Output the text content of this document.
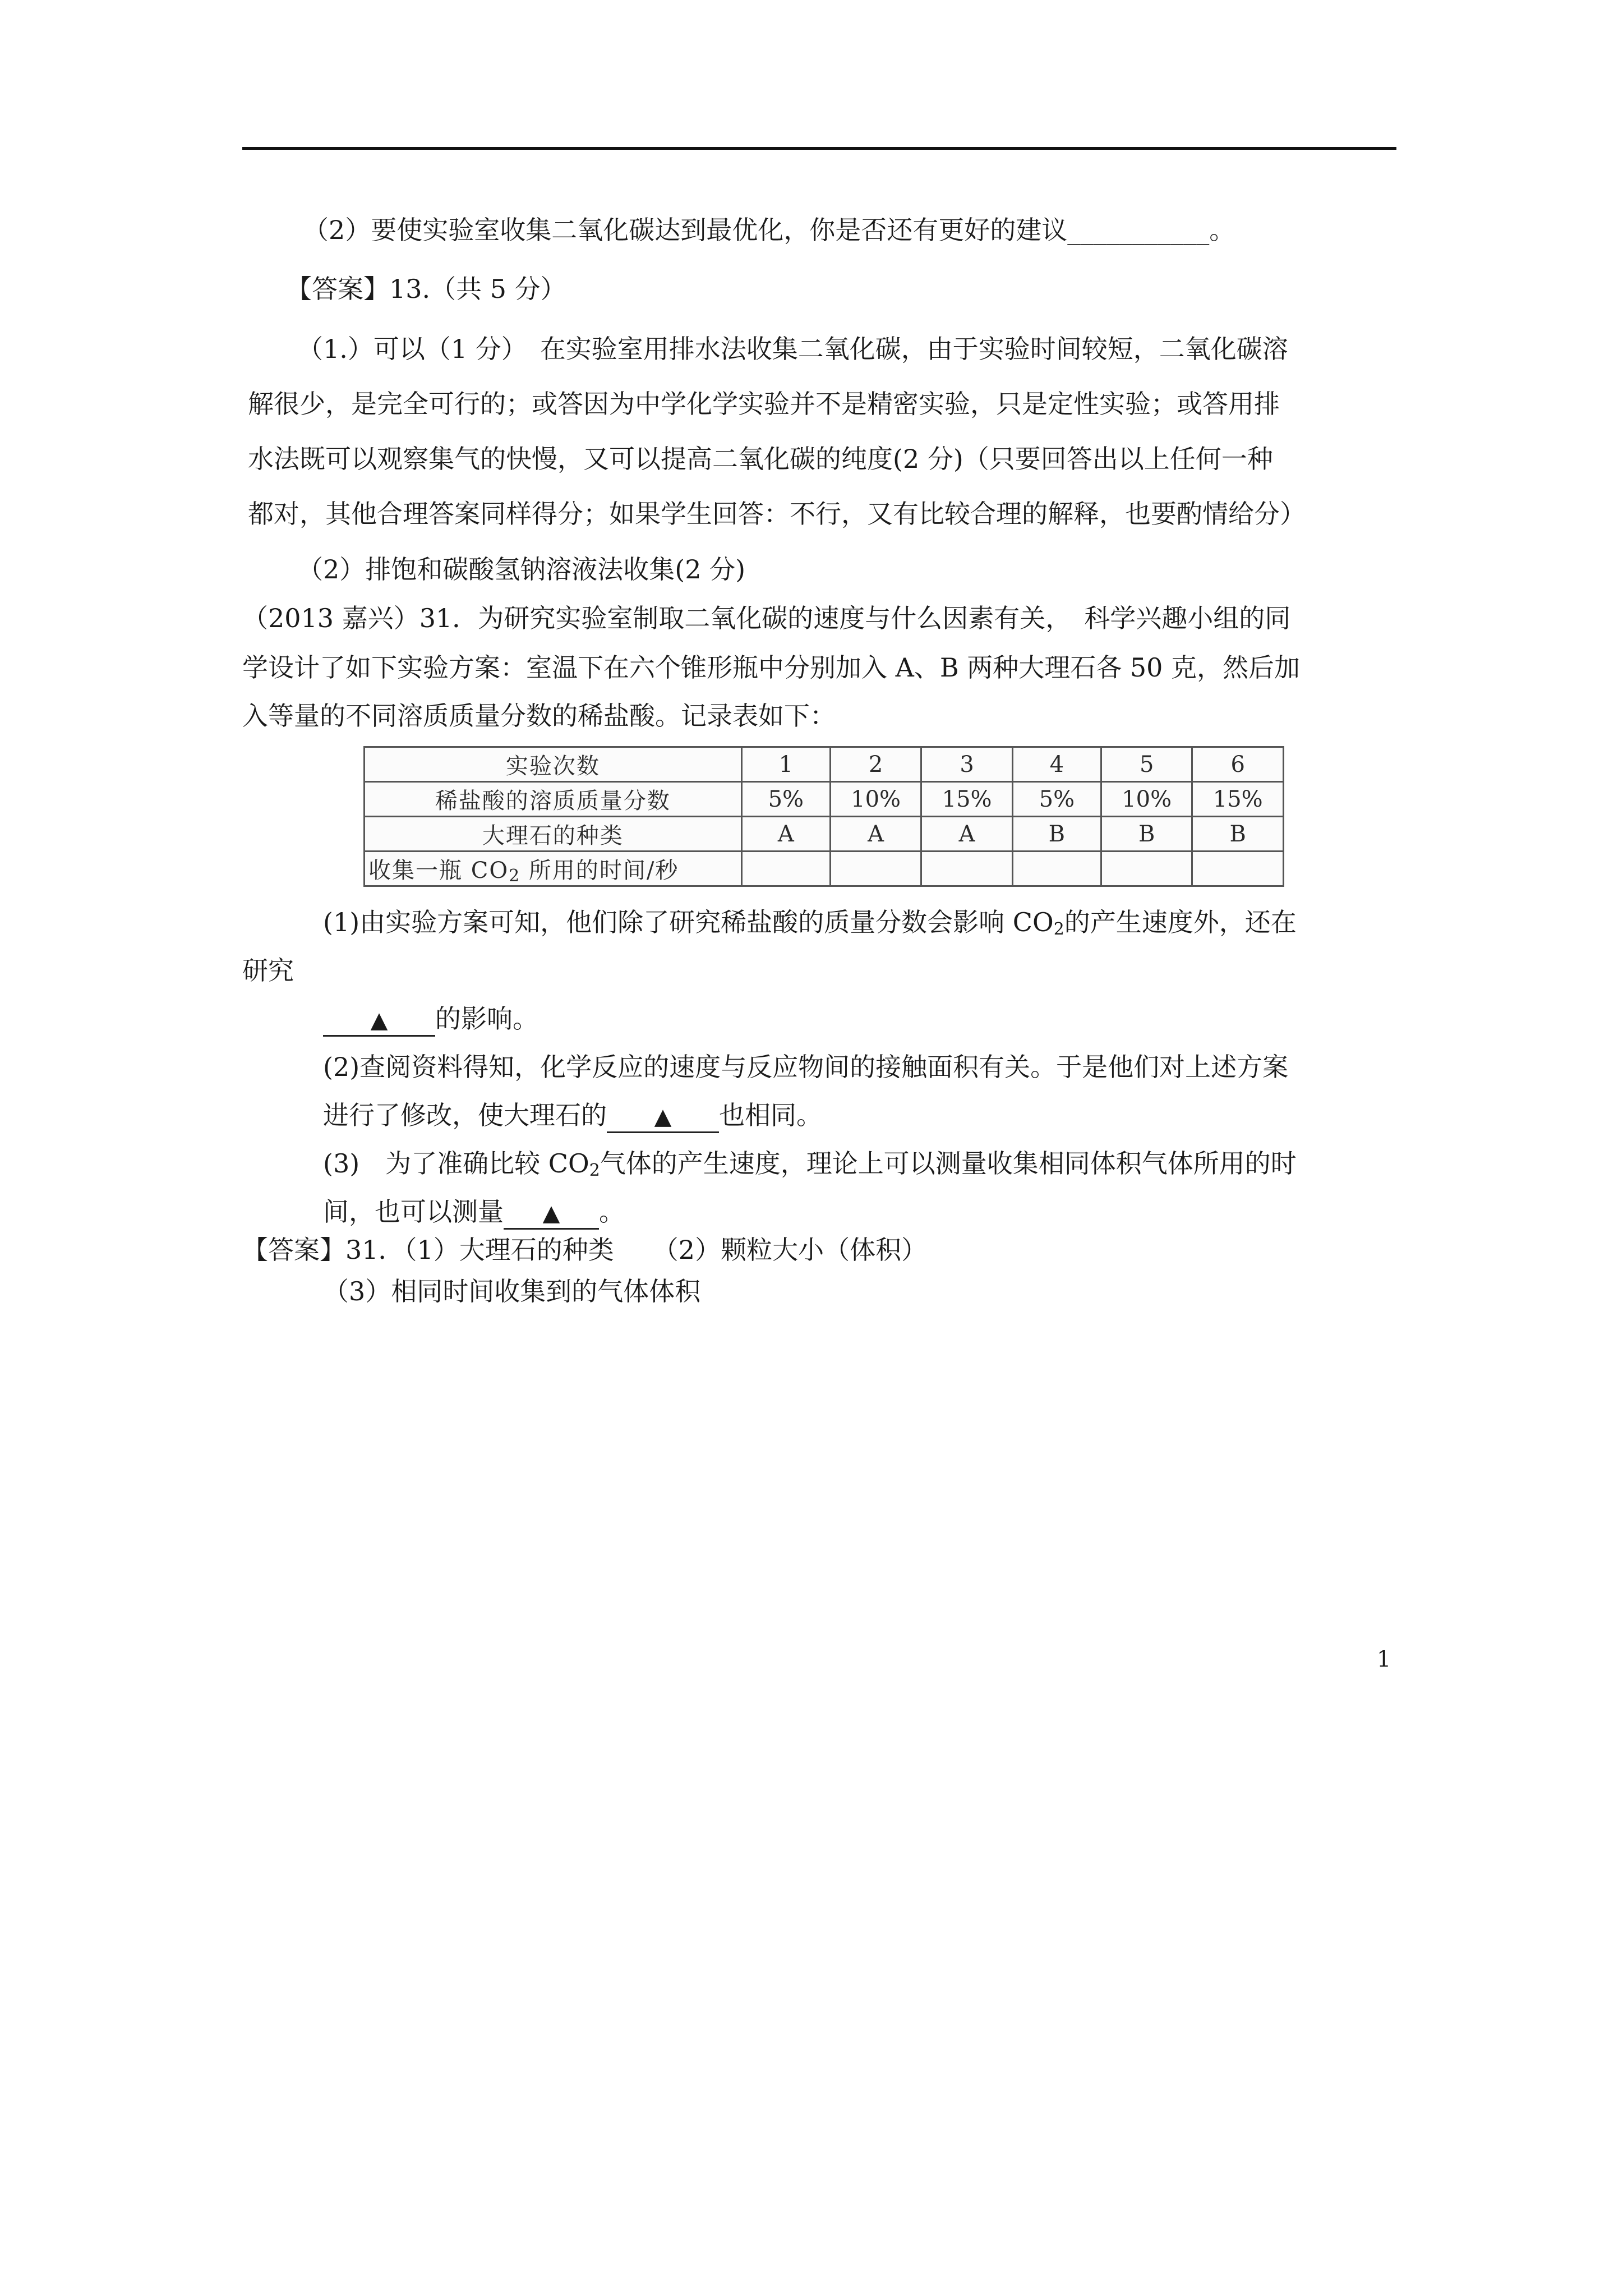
（2）要使实验室收集二氧化碳达到最优化，你是否还有更好的建议___________。
【答案】13.（共 5 分）
（1.）可以（1 分）　在实验室用排水法收集二氧化碳，由于实验时间较短，二氧化碳溶
解很少，是完全可行的；或答因为中学化学实验并不是精密实验，只是定性实验；或答用排
水法既可以观察集气的快慢，又可以提高二氧化碳的纯度(2 分)（只要回答出以上任何一种
都对，其他合理答案同样得分；如果学生回答：不行，又有比较合理的解释，也要酌情给分）
（2）排饱和碳酸氢钠溶液法收集(2 分)
（2013 嘉兴）31．为研究实验室制取二氧化碳的速度与什么因素有关，　科学兴趣小组的同
学设计了如下实验方案：室温下在六个锥形瓶中分别加入 A、B 两种大理石各 50 克，然后加
入等量的不同溶质质量分数的稀盐酸。记录表如下：
实验次数	1	2	3	4	5	6
稀盐酸的溶质质量分数	5%	10%	15%	5%	10%	15%
大理石的种类	A	A	A	B	B	B
收集一瓶 $CO_2$ 所用的时间/秒						
(1)由实验方案可知，他们除了研究稀盐酸的质量分数会影响 $CO_2$的产生速度外，还在
研究
▲ 的影响。
(2)查阅资料得知，化学反应的速度与反应物间的接触面积有关。于是他们对上述方案
进行了修改，使大理石的 ▲ 也相同。
(3)　为了准确比较 $CO_2$气体的产生速度，理论上可以测量收集相同体积气体所用的时
间，也可以测量 ▲ 。
【答案】31．（1）大理石的种类　　（2）颗粒大小（体积）
（3）相同时间收集到的气体体积
1
